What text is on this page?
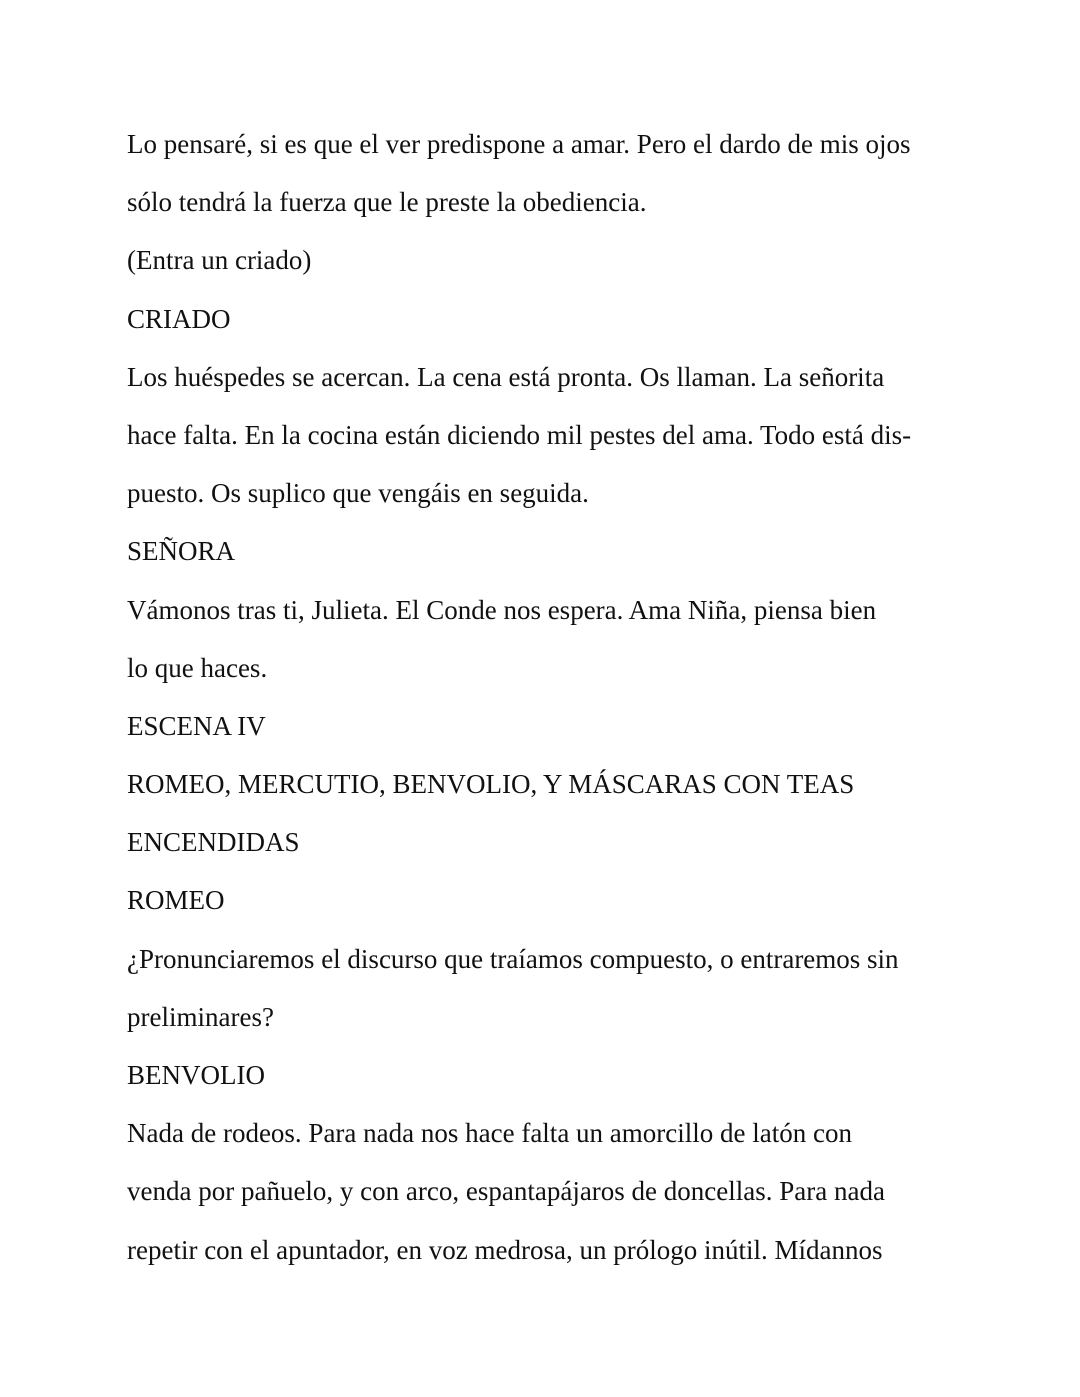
Lo pensaré, si es que el ver predispone a amar. Pero el dardo de mis ojos
sólo tendrá la fuerza que le preste la obediencia.
(Entra un criado)
CRIADO
Los huéspedes se acercan. La cena está pronta. Os llaman. La señorita
hace falta. En la cocina están diciendo mil pestes del ama. Todo está dis-
puesto. Os suplico que vengáis en seguida.
SEÑORA
Vámonos tras ti, Julieta. El Conde nos espera. Ama Niña, piensa bien
lo que haces.
ESCENA IV
ROMEO, MERCUTIO, BENVOLIO, Y MÁSCARAS CON TEAS
ENCENDIDAS
ROMEO
¿Pronunciaremos el discurso que traíamos compuesto, o entraremos sin
preliminares?
BENVOLIO
Nada de rodeos. Para nada nos hace falta un amorcillo de latón con
venda por pañuelo, y con arco, espantapájaros de doncellas. Para nada
repetir con el apuntador, en voz medrosa, un prólogo inútil. Mídannos
